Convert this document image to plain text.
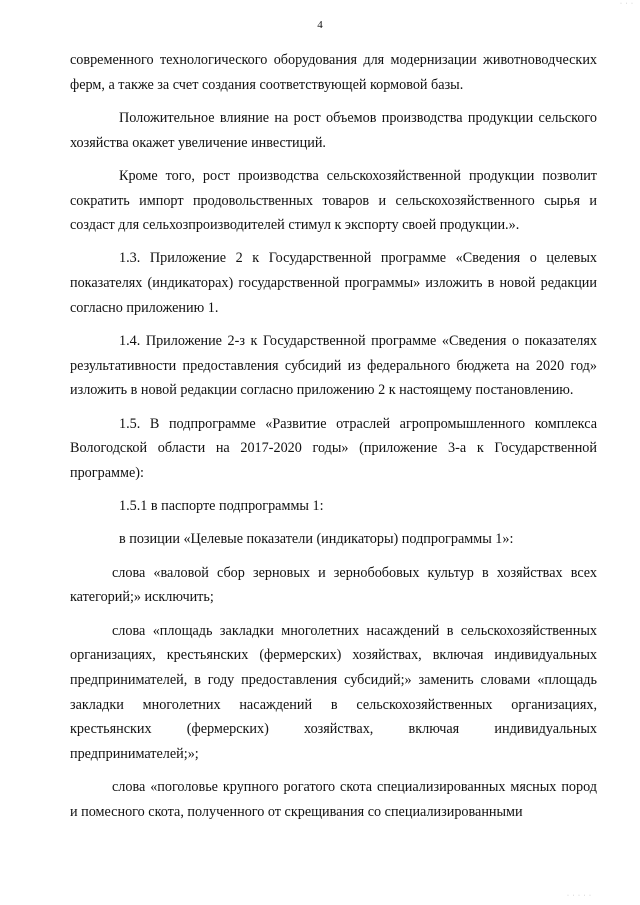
· · ·
4

современного технологического оборудования для модернизации животноводческих ферм, а также за счет создания соответствующей кормовой базы.

Положительное влияние на рост объемов производства продукции сельского хозяйства окажет увеличение инвестиций.

Кроме того, рост производства сельскохозяйственной продукции позволит сократить импорт продовольственных товаров и сельскохозяйственного сырья и создаст для сельхозпроизводителей стимул к экспорту своей продукции.».

1.3. Приложение 2 к Государственной программе «Сведения о целевых показателях (индикаторах) государственной программы» изложить в новой редакции согласно приложению 1.

1.4. Приложение 2-з к Государственной программе «Сведения о показателях результативности предоставления субсидий из федерального бюджета на 2020 год» изложить в новой редакции согласно приложению 2 к настоящему постановлению.

1.5. В подпрограмме «Развитие отраслей агропромышленного комплекса Вологодской области на 2017-2020 годы» (приложение 3-а к Государственной программе):

1.5.1 в паспорте подпрограммы 1:

в позиции «Целевые показатели (индикаторы) подпрограммы 1»:

слова «валовой сбор зерновых и зернобобовых культур в хозяйствах всех категорий;» исключить;

слова «площадь закладки многолетних насаждений в сельскохозяйственных организациях, крестьянских (фермерских) хозяйствах, включая индивидуальных предпринимателей, в году предоставления субсидий;» заменить словами «площадь закладки многолетних насаждений в сельскохозяйственных организациях, крестьянских (фермерских) хозяйствах, включая индивидуальных предпринимателей;»;

слова «поголовье крупного рогатого скота специализированных мясных пород и помесного скота, полученного от скрещивания со специализированными

· · · · ·
